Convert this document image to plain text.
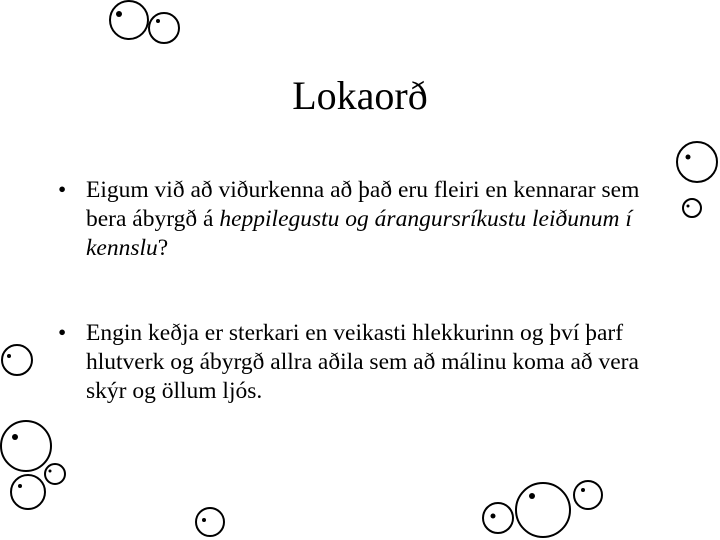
Lokaorð
• Eigum við að viðurkenna að það eru fleiri en kennarar sem bera ábyrgð á heppilegustu og árangursríkustu leiðunum í kennslu?
• Engin keðja er sterkari en veikasti hlekkurinn og því þarf hlutverk og ábyrgð allra aðila sem að málinu koma að vera skýr og öllum ljós.
